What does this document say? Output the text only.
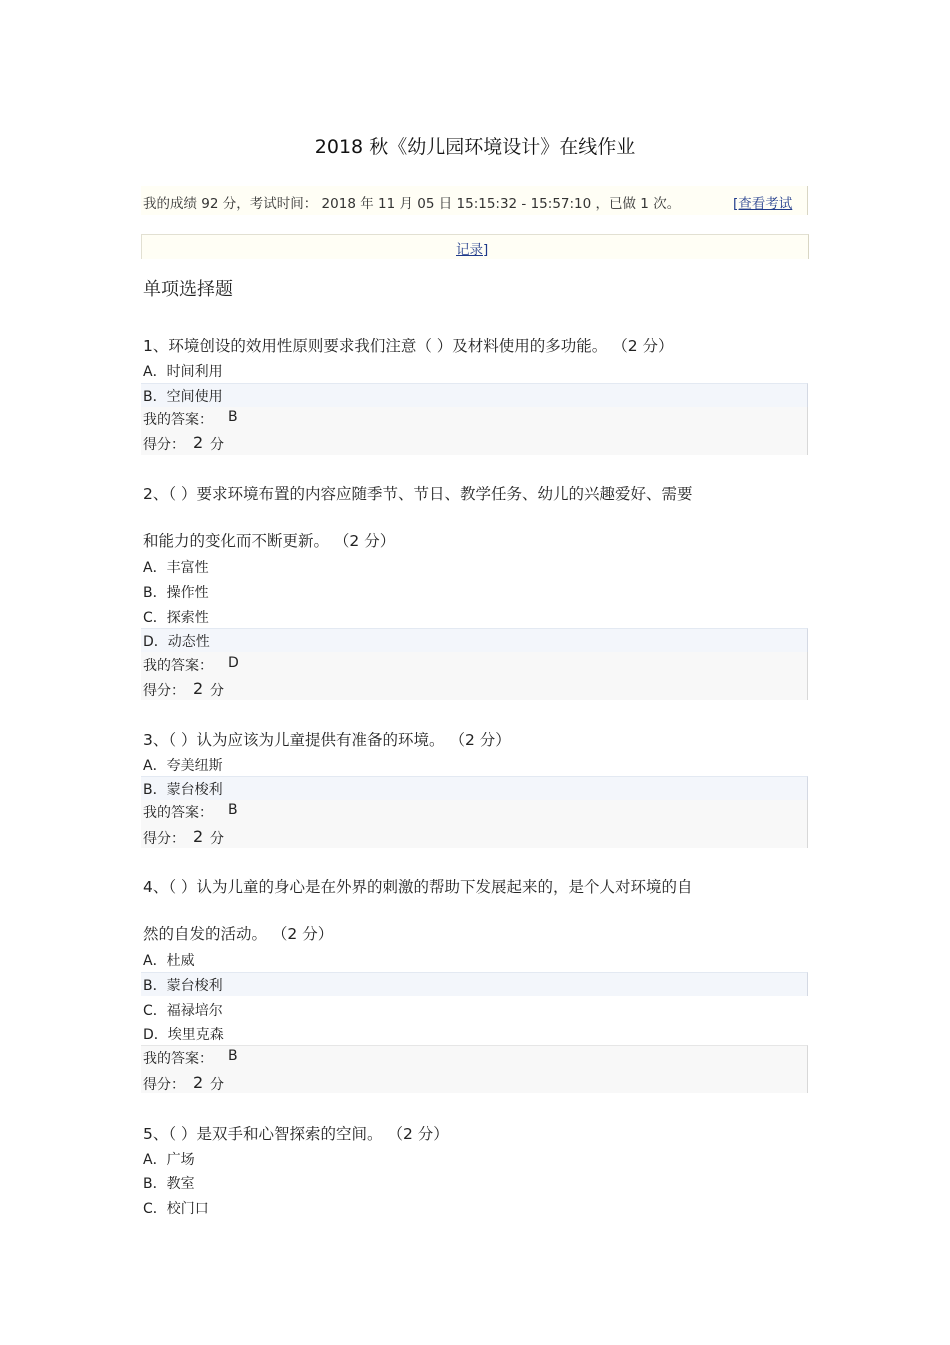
2018 秋《幼儿园环境设计》在线作业
我的成绩 92 分，考试时间： 2018 年 11 月 05 日 15:15:32 - 15:57:10 ，已做 1 次。	[查看考试
记录]
单项选择题
1、环境创设的效用性原则要求我们注意（ ）及材料使用的多功能。 （2 分）
A．时间利用
B．空间使用
我的答案： B
得分： 2 分
2、（ ）要求环境布置的内容应随季节、节日、教学任务、幼儿的兴趣爱好、需要
和能力的变化而不断更新。 （2 分）
A．丰富性
B．操作性
C．探索性
D．动态性
我的答案： D
得分： 2 分
3、（ ）认为应该为儿童提供有准备的环境。 （2 分）
A．夸美纽斯
B．蒙台梭利
我的答案： B
得分： 2 分
4、（ ）认为儿童的身心是在外界的刺激的帮助下发展起来的，是个人对环境的自
然的自发的活动。 （2 分）
A．杜威
B．蒙台梭利
C．福禄培尔
D．埃里克森
我的答案： B
得分： 2 分
5、（ ）是双手和心智探索的空间。 （2 分）
A．广场
B．教室
C．校门口
